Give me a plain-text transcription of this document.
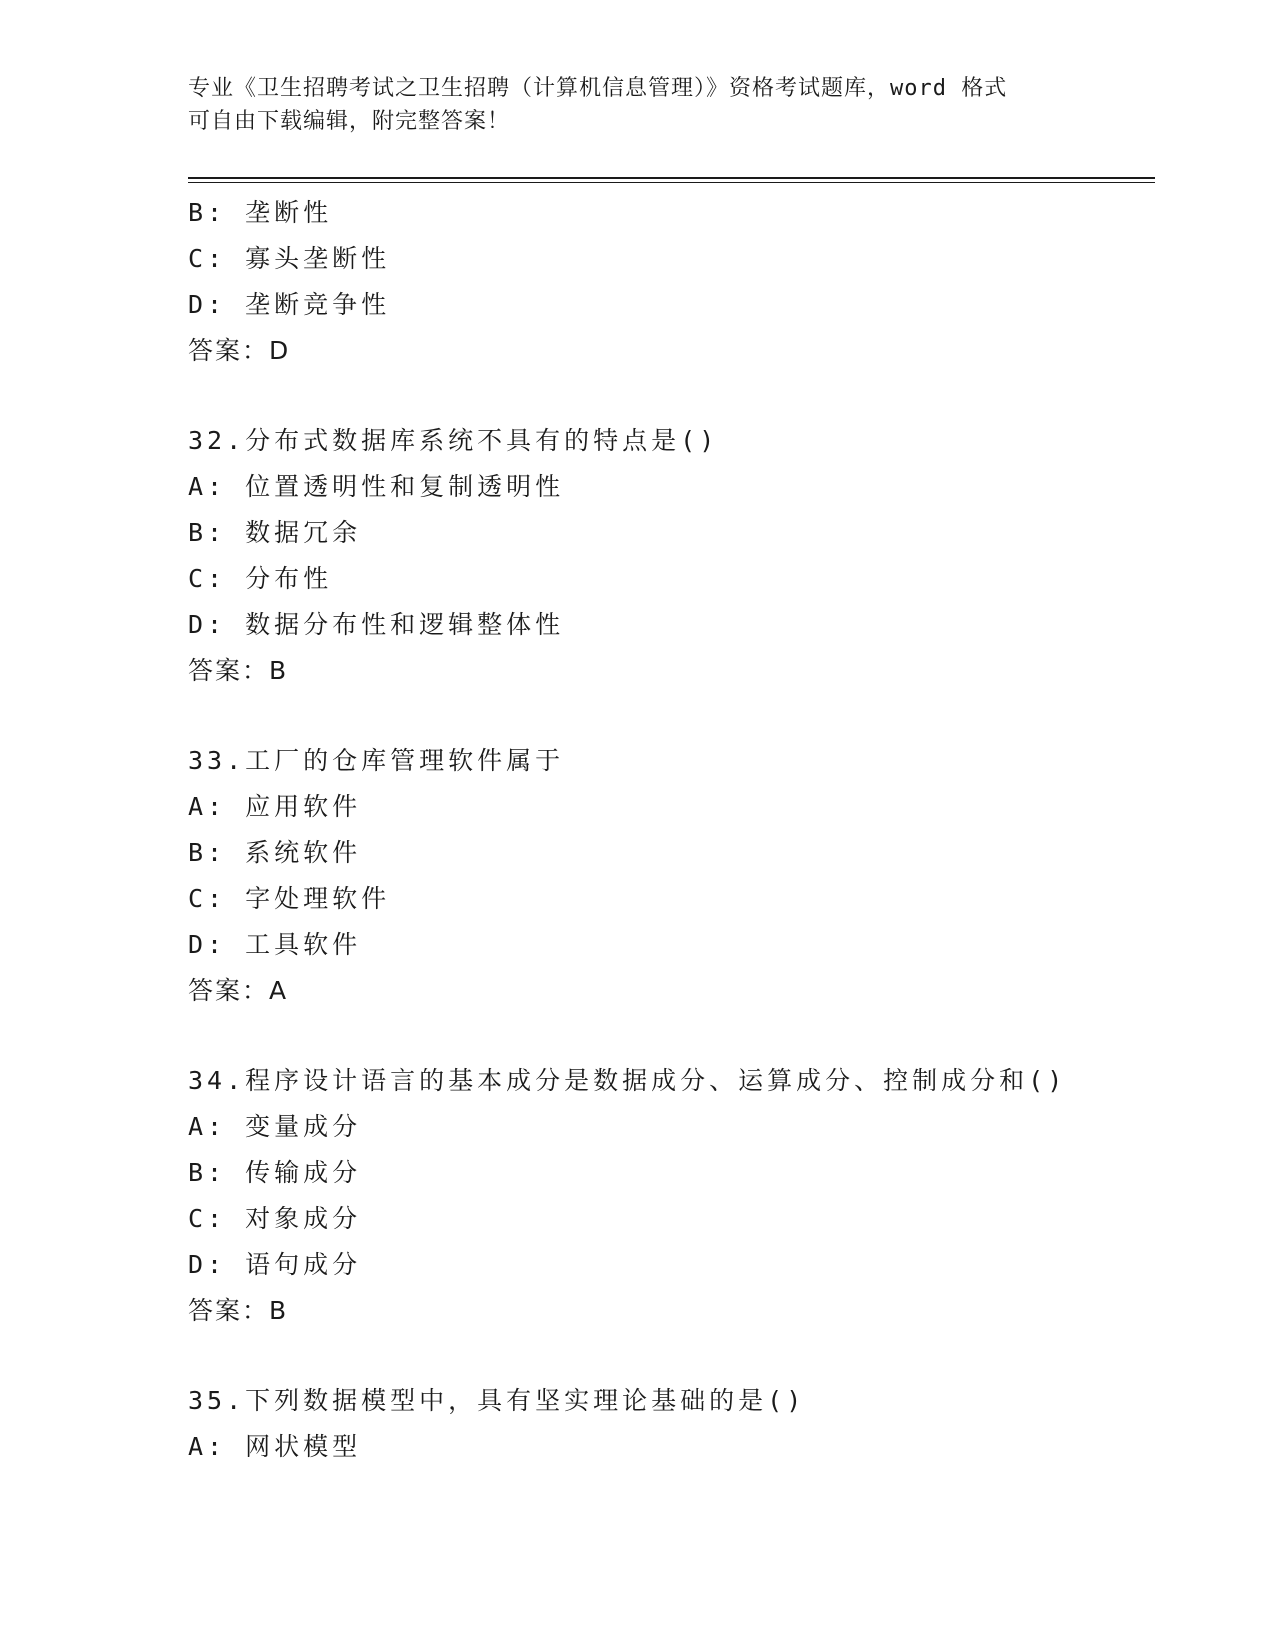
专业《卫生招聘考试之卫生招聘（计算机信息管理）》资格考试题库，word 格式
可自由下载编辑，附完整答案！
B: 垄断性
C: 寡头垄断性
D: 垄断竞争性
答案：D
32.分布式数据库系统不具有的特点是()
A: 位置透明性和复制透明性
B: 数据冗余
C: 分布性
D: 数据分布性和逻辑整体性
答案：B
33.工厂的仓库管理软件属于
A: 应用软件
B: 系统软件
C: 字处理软件
D: 工具软件
答案：A
34.程序设计语言的基本成分是数据成分、运算成分、控制成分和()
A: 变量成分
B: 传输成分
C: 对象成分
D: 语句成分
答案：B
35.下列数据模型中，具有坚实理论基础的是()
A: 网状模型
